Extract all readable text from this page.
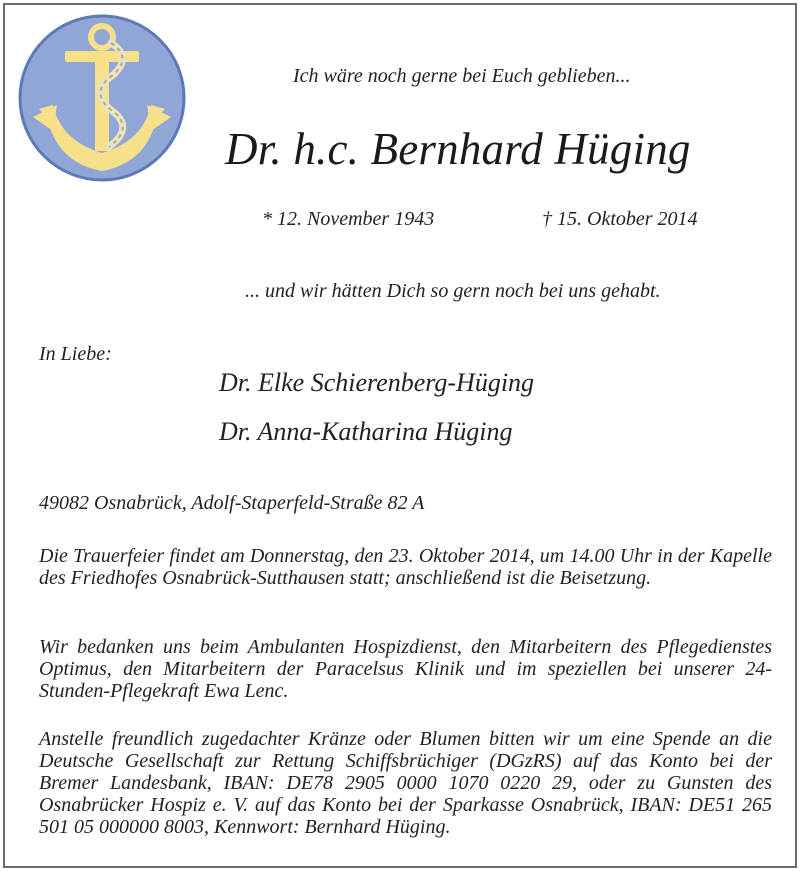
Ich wäre noch gerne bei Euch geblieben...
Dr. h.c. Bernhard Hüging
* 12. November 1943	† 15. Oktober 2014
... und wir hätten Dich so gern noch bei uns gehabt.
In Liebe:
Dr. Elke Schierenberg-Hüging
Dr. Anna-Katharina Hüging
49082 Osnabrück, Adolf-Staperfeld-Straße 82 A
Die Trauerfeier findet am Donnerstag, den 23. Oktober 2014, um 14.00 Uhr in der Kapelle des Friedhofes Osnabrück-Sutthausen statt; anschließend ist die Beisetzung.
Wir bedanken uns beim Ambulanten Hospizdienst, den Mitarbeitern des Pflegedienstes Optimus, den Mitarbeitern der Paracelsus Klinik und im speziellen bei unserer 24-Stunden-Pflegekraft Ewa Lenc.
Anstelle freundlich zugedachter Kränze oder Blumen bitten wir um eine Spende an die Deutsche Gesellschaft zur Rettung Schiffsbrüchiger (DGzRS) auf das Konto bei der Bremer Landesbank, IBAN: DE78 2905 0000 1070 0220 29, oder zu Gunsten des Osnabrücker Hospiz e. V. auf das Konto bei der Sparkasse Osnabrück, IBAN: DE51 265 501 05 000000 8003, Kennwort: Bernhard Hüging.
